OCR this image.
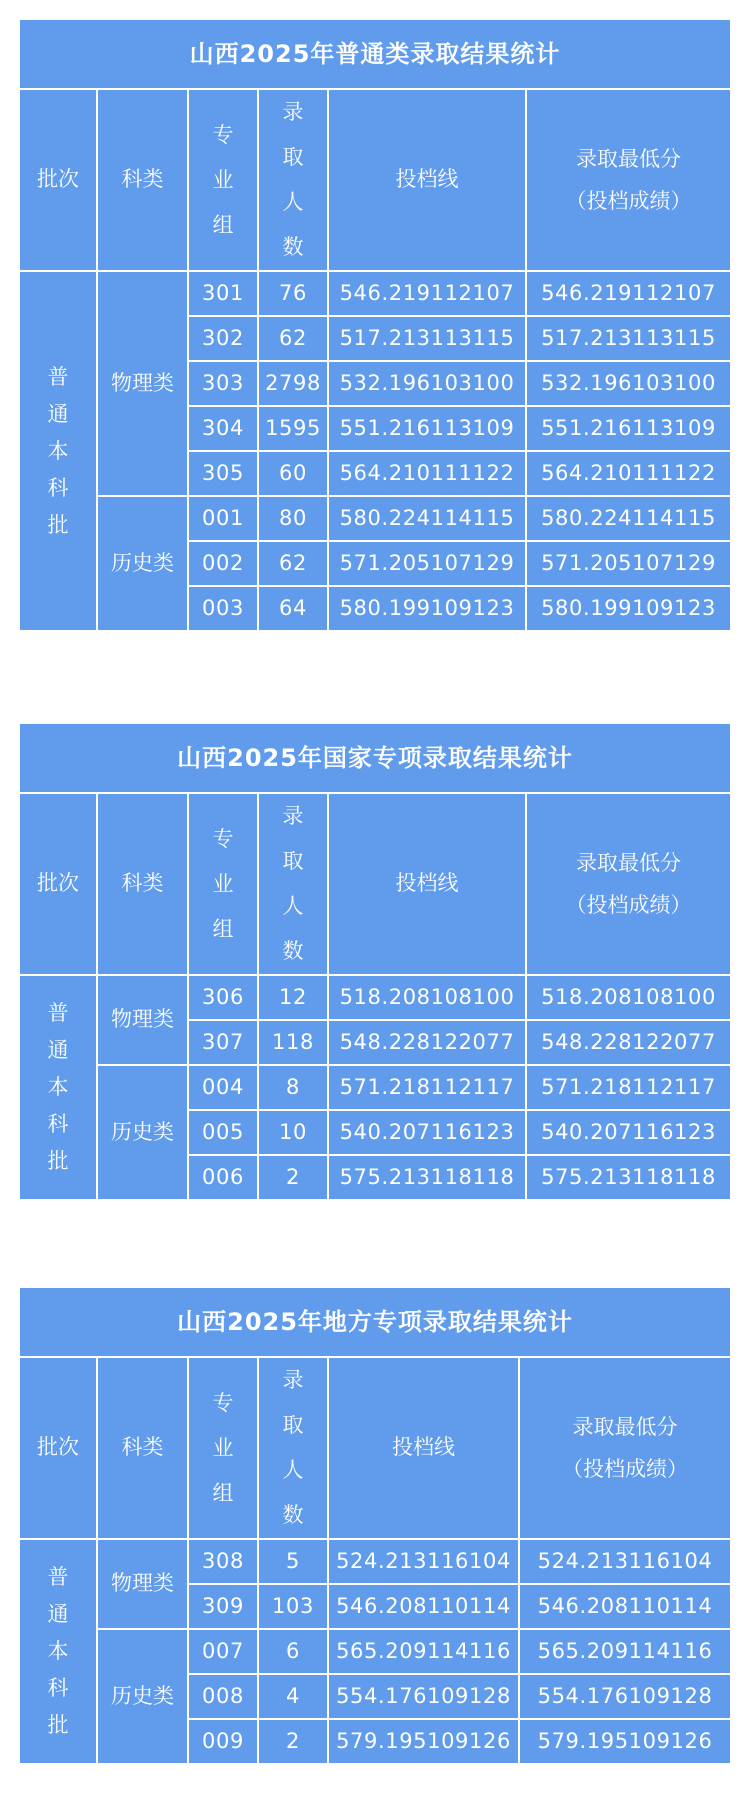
山西2025年普通类录取结果统计					
批次	科类	专
业
组	录
取
人
数	投档线	录取最低分
（投档成绩）

普
通
本
科
批	物理类	301	76	546.219112107	546.219112107
		302	62	517.213113115	517.213113115
		303	2798	532.196103100	532.196103100
		304	1595	551.216113109	551.216113109
		305	60	564.210111122	564.210111122
	历史类	001	80	580.224114115	580.224114115
		002	62	571.205107129	571.205107129
		003	64	580.199109123	580.199109123
山西2025年国家专项录取结果统计					
批次	科类	专
业
组	录
取
人
数	投档线	录取最低分
（投档成绩）

普
通
本
科
批	物理类	306	12	518.208108100	518.208108100
		307	118	548.228122077	548.228122077
	历史类	004	8	571.218112117	571.218112117
		005	10	540.207116123	540.207116123
		006	2	575.213118118	575.213118118
山西2025年地方专项录取结果统计					
批次	科类	专
业
组	录
取
人
数	投档线	录取最低分
（投档成绩）

普
通
本
科
批	物理类	308	5	524.213116104	524.213116104
		309	103	546.208110114	546.208110114
	历史类	007	6	565.209114116	565.209114116
		008	4	554.176109128	554.176109128
		009	2	579.195109126	579.195109126
